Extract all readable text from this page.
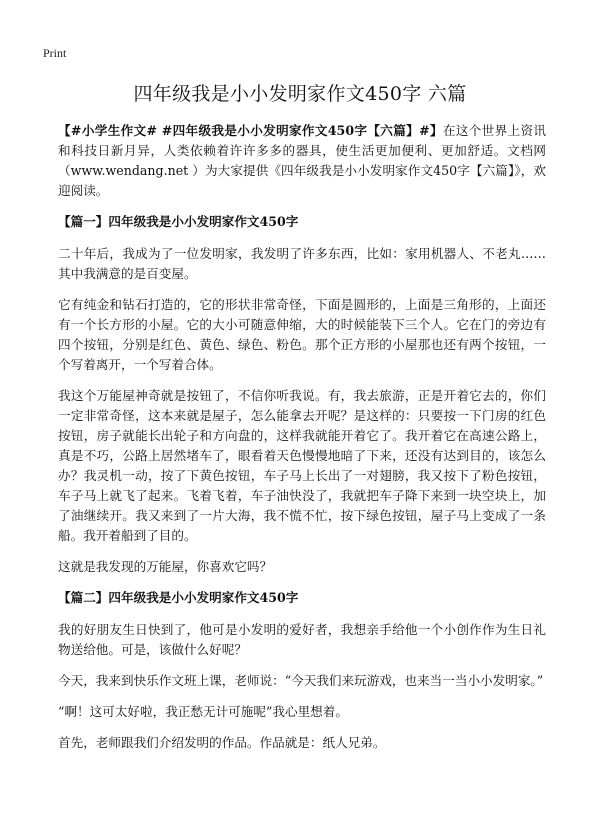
Print
四年级我是小小发明家作文450字 六篇

【#小学生作文# #四年级我是小小发明家作文450字【六篇】#】在这个世界上资讯和科技日新月异，人类依赖着许许多多的器具，使生活更加便利、更加舒适。文档网（www.wendang.net ）为大家提供《四年级我是小小发明家作文450字【六篇】》，欢迎阅读。

【篇一】四年级我是小小发明家作文450字

二十年后，我成为了一位发明家，我发明了许多东西，比如：家用机器人、不老丸……其中我满意的是百变屋。

它有纯金和钻石打造的，它的形状非常奇怪，下面是圆形的，上面是三角形的，上面还有一个长方形的小屋。它的大小可随意伸缩，大的时候能装下三个人。它在门的旁边有四个按钮，分别是红色、黄色、绿色、粉色。那个正方形的小屋那也还有两个按钮，一个写着离开，一个写着合体。

我这个万能屋神奇就是按钮了，不信你听我说。有，我去旅游，正是开着它去的，你们一定非常奇怪，这本来就是屋子，怎么能拿去开呢？是这样的：只要按一下门房的红色按钮，房子就能长出轮子和方向盘的，这样我就能开着它了。我开着它在高速公路上，真是不巧，公路上居然堵车了，眼看着天色慢慢地暗了下来，还没有达到目的，该怎么办？我灵机一动，按了下黄色按钮，车子马上长出了一对翅膀，我又按下了粉色按钮，车子马上就飞了起来。飞着飞着，车子油快没了，我就把车子降下来到一块空块上，加了油继续开。我又来到了一片大海，我不慌不忙，按下绿色按钮，屋子马上变成了一条船。我开着船到了目的。

这就是我发现的万能屋，你喜欢它吗？

【篇二】四年级我是小小发明家作文450字

我的好朋友生日快到了，他可是小发明的爱好者，我想亲手给他一个小创作作为生日礼物送给他。可是，该做什么好呢？

今天，我来到快乐作文班上课，老师说：“今天我们来玩游戏，也来当一当小小发明家。”

“啊！这可太好啦，我正愁无计可施呢”我心里想着。

首先，老师跟我们介绍发明的作品。作品就是：纸人兄弟。
